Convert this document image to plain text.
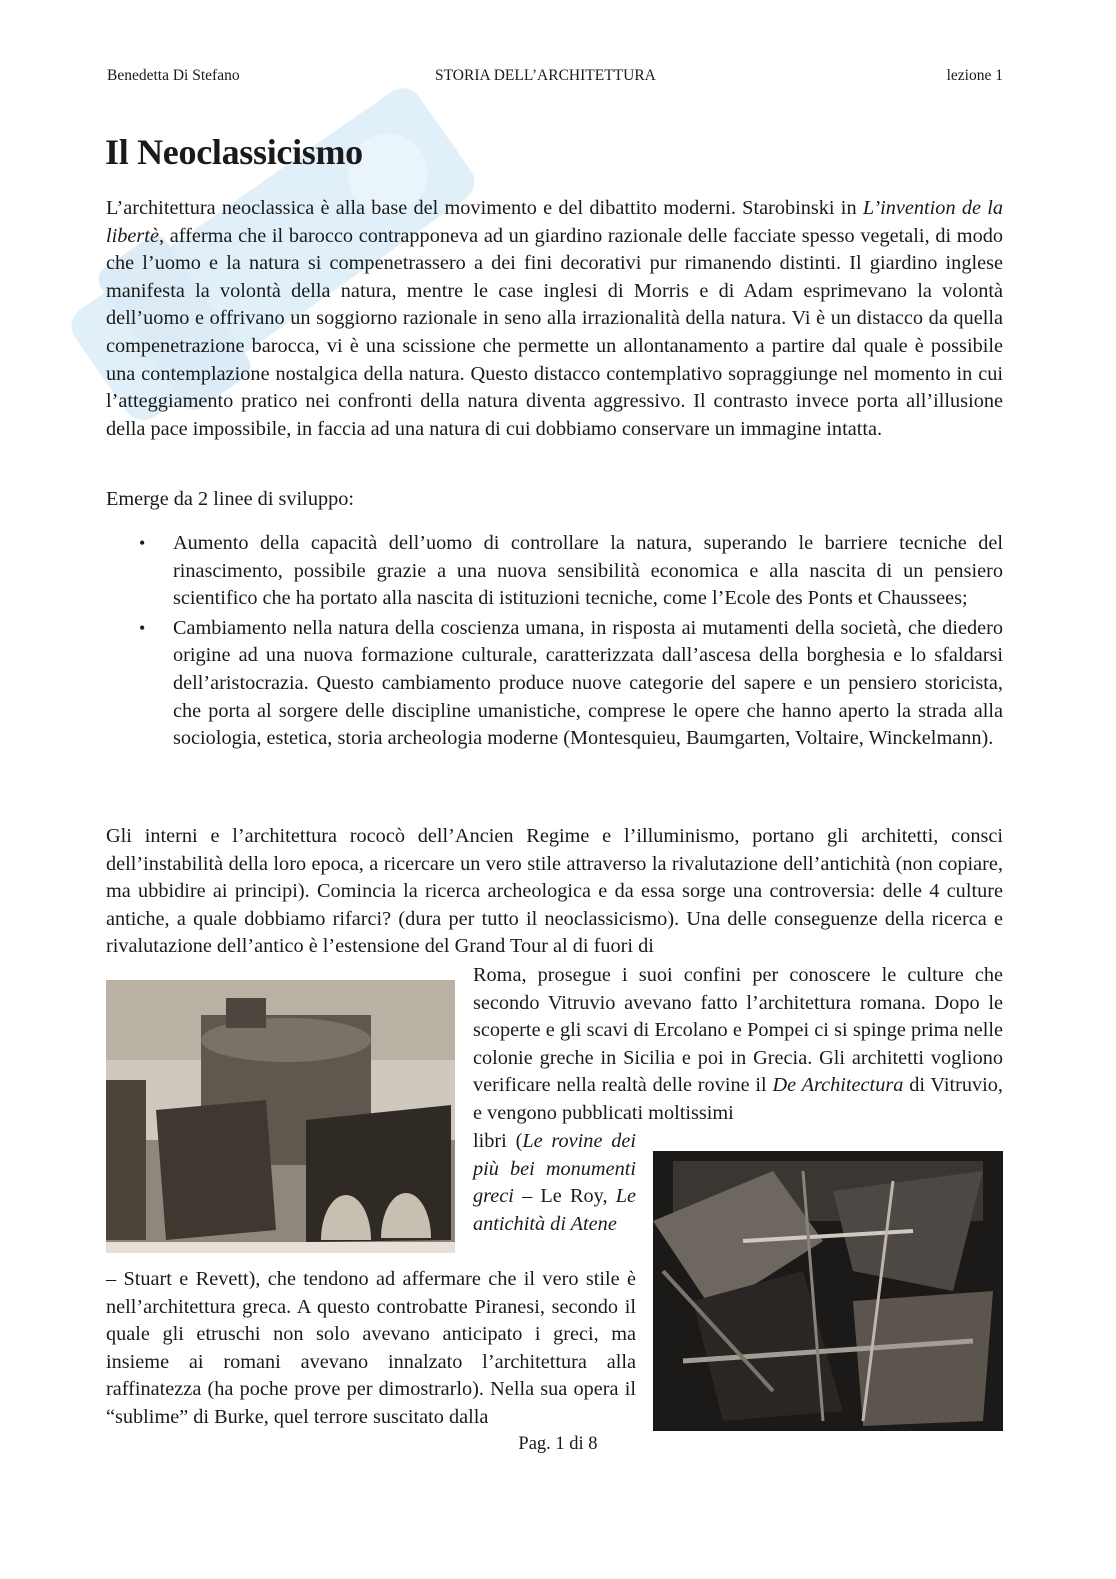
Benedetta Di Stefano	STORIA DELL’ARCHITETTURA	lezione 1
Il Neoclassicismo

L’architettura neoclassica è alla base del movimento e del dibattito moderni. Starobinski in L’invention de la libertè, afferma che il barocco contrapponeva ad un giardino razionale delle facciate spesso vegetali, di modo che l’uomo e la natura si compenetrassero a dei fini decorativi pur rimanendo distinti. Il giardino inglese manifesta la volontà della natura, mentre le case inglesi di Morris e di Adam esprimevano la volontà dell’uomo e offrivano un soggiorno razionale in seno alla irrazionalità della natura. Vi è un distacco da quella compenetrazione barocca, vi è una scissione che permette un allontanamento a partire dal quale è possibile una contemplazione nostalgica della natura. Questo distacco contemplativo sopraggiunge nel momento in cui l’atteggiamento pratico nei confronti della natura diventa aggressivo. Il contrasto invece porta all’illusione della pace impossibile, in faccia ad una natura di cui dobbiamo conservare un immagine intatta.

Emerge da 2 linee di sviluppo:

• Aumento della capacità dell’uomo di controllare la natura, superando le barriere tecniche del rinascimento, possibile grazie a una nuova sensibilità economica e alla nascita di un pensiero scientifico che ha portato alla nascita di istituzioni tecniche, come l’Ecole des Ponts et Chaussees;
• Cambiamento nella natura della coscienza umana, in risposta ai mutamenti della società, che diedero origine ad una nuova formazione culturale, caratterizzata dall’ascesa della borghesia e lo sfaldarsi dell’aristocrazia. Questo cambiamento produce nuove categorie del sapere e un pensiero storicista, che porta al sorgere delle discipline umanistiche, comprese le opere che hanno aperto la strada alla sociologia, estetica, storia archeologia moderne (Montesquieu, Baumgarten, Voltaire, Winckelmann).

Gli interni e l’architettura rococò dell’Ancien Regime e l’illuminismo, portano gli architetti, consci dell’instabilità della loro epoca, a ricercare un vero stile attraverso la rivalutazione dell’antichità (non copiare, ma ubbidire ai principi). Comincia la ricerca archeologica e da essa sorge una controversia: delle 4 culture antiche, a quale dobbiamo rifarci? (dura per tutto il neoclassicismo). Una delle conseguenze della ricerca e rivalutazione dell’antico è l’estensione del Grand Tour al di fuori di

Roma, prosegue i suoi confini per conoscere le culture che secondo Vitruvio avevano fatto l’architettura romana. Dopo le scoperte e gli scavi di Ercolano e Pompei ci si spinge prima nelle colonie greche in Sicilia e poi in Grecia. Gli architetti vogliono verificare nella realtà delle rovine il De Architectura di Vitruvio, e vengono pubblicati moltissimi

libri (Le rovine dei più bei monumenti greci – Le Roy, Le antichità di Atene

– Stuart e Revett), che tendono ad affermare che il vero stile è nell’architettura greca. A questo controbatte Piranesi, secondo il quale gli etruschi non solo avevano anticipato i greci, ma insieme ai romani avevano innalzato l’architettura alla raffinatezza (ha poche prove per dimostrarlo). Nella sua opera il “sublime” di Burke, quel terrore suscitato dalla

Pag. 1 di 8
